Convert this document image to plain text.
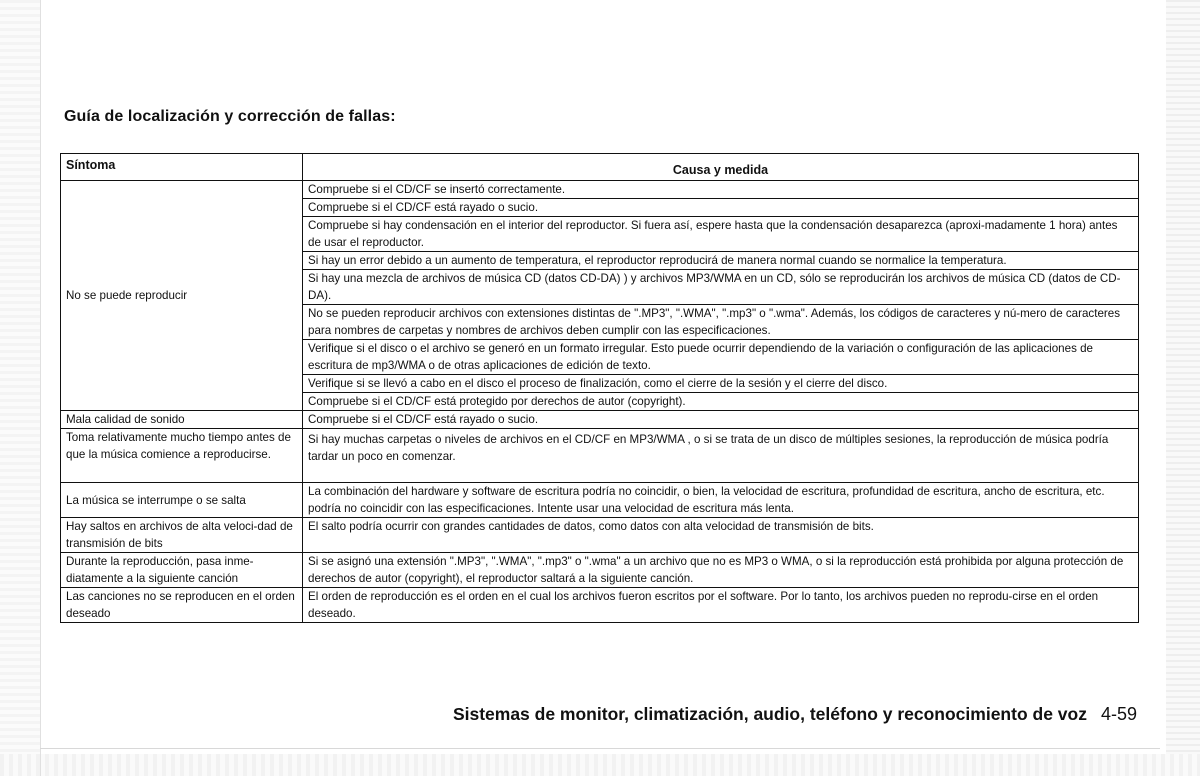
Guía de localización y corrección de fallas:
Síntoma	Causa y medida
No se puede reproducir	Compruebe si el CD/CF se insertó correctamente.
	Compruebe si el CD/CF está rayado o sucio.
	Compruebe si hay condensación en el interior del reproductor. Si fuera así, espere hasta que la condensación desaparezca (aproxi-madamente 1 hora) antes de usar el reproductor.
	Si hay un error debido a un aumento de temperatura, el reproductor reproducirá de manera normal cuando se normalice la temperatura.
	Si hay una mezcla de archivos de música CD (datos CD-DA) ) y archivos MP3/WMA en un CD, sólo se reproducirán los archivos de música CD (datos de CD-DA).
	No se pueden reproducir archivos con extensiones distintas de ".MP3", ".WMA", ".mp3" o ".wma". Además, los códigos de caracteres y nú-mero de caracteres para nombres de carpetas y nombres de archivos deben cumplir con las especificaciones.
	Verifique si el disco o el archivo se generó en un formato irregular. Esto puede ocurrir dependiendo de la variación o configuración de las aplicaciones de escritura de mp3/WMA o de otras aplicaciones de edición de texto.
	Verifique si se llevó a cabo en el disco el proceso de finalización, como el cierre de la sesión y el cierre del disco.
	Compruebe si el CD/CF está protegido por derechos de autor (copyright).
Mala calidad de sonido	Compruebe si el CD/CF está rayado o sucio.
Toma relativamente mucho tiempo antes de que la música comience a reproducirse.	Si hay muchas carpetas o niveles de archivos en el CD/CF en MP3/WMA , o si se trata de un disco de múltiples sesiones, la reproducción de música podría tardar un poco en comenzar.
La música se interrumpe o se salta	La combinación del hardware y software de escritura podría no coincidir, o bien, la velocidad de escritura, profundidad de escritura, ancho de escritura, etc. podría no coincidir con las especificaciones. Intente usar una velocidad de escritura más lenta.
Hay saltos en archivos de alta veloci-dad de transmisión de bits	El salto podría ocurrir con grandes cantidades de datos, como datos con alta velocidad de transmisión de bits.
Durante la reproducción, pasa inme-diatamente a la siguiente canción	Si se asignó una extensión ".MP3", ".WMA", ".mp3" o ".wma" a un archivo que no es MP3 o WMA, o si la reproducción está prohibida por alguna protección de derechos de autor (copyright), el reproductor saltará a la siguiente canción.
Las canciones no se reproducen en el orden deseado	El orden de reproducción es el orden en el cual los archivos fueron escritos por el software. Por lo tanto, los archivos pueden no reprodu-cirse en el orden deseado.
Sistemas de monitor, climatización, audio, teléfono y reconocimiento de voz 4-59
